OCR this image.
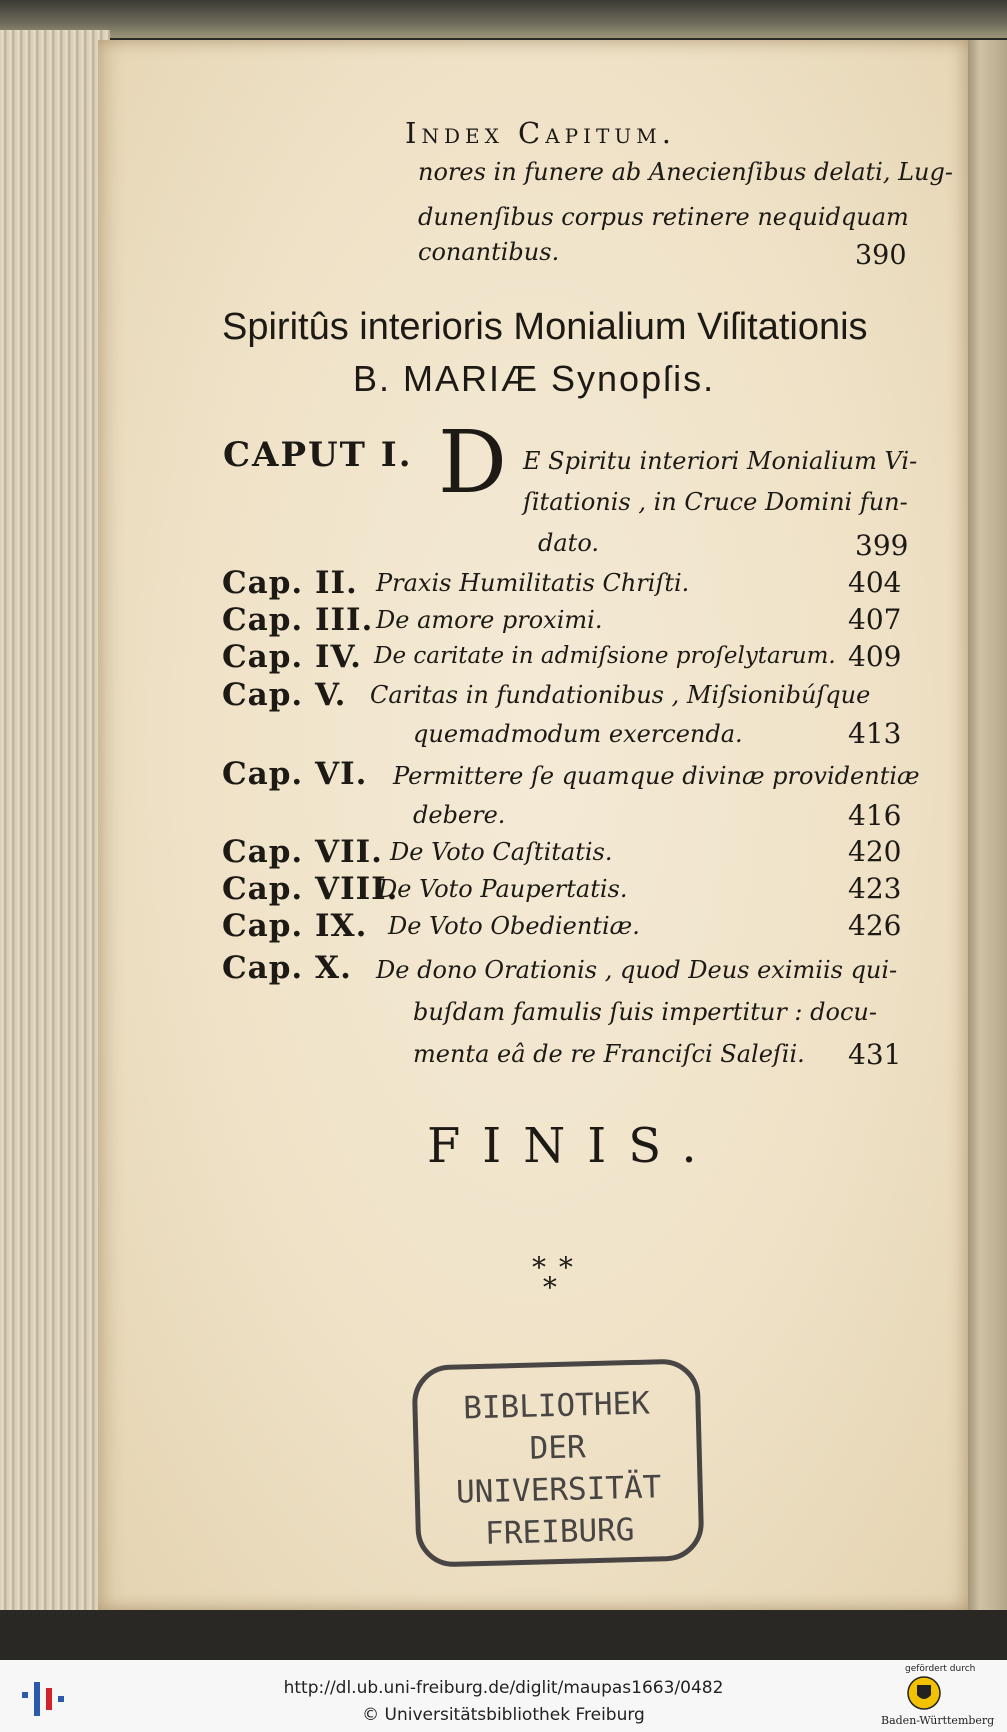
Index Capitum.
nores in funere ab Anecienſibus delati, Lug-
dunenſibus corpus retinere nequidquam
conantibus.	390
Spiritûs interioris Monialium Viſitationis
B. MARIÆ Synopſis.
CAPUT I. D E Spiritu interiori Monialium Vi-
ſitationis , in Cruce Domini fun-
dato.	399
Cap. II. Praxis Humilitatis Chriſti.	404
Cap. III. De amore proximi.	407
Cap. IV. De caritate in admiſsione proſelytarum. 409
Cap. V. Caritas in fundationibus , Miſsionibúſque
quemadmodum exercenda.	413
Cap. VI. Permittere ſe quamque divinæ providentiæ
debere.	416
Cap. VII. De Voto Caſtitatis.	420
Cap. VIII.
De Voto Paupertatis.	423
Cap. IX. De Voto Obedientiæ.	426
Cap. X. De dono Orationis , quod Deus eximiis qui-
buſdam famulis ſuis impertitur : docu-
menta eâ de re Franciſci Saleſii. 431
FINIS.
* *
*
BIBLIOTHEK
DER
UNIVERSITÄT
FREIBURG
http://dl.ub.uni-freiburg.de/diglit/maupas1663/0482
© Universitätsbibliothek Freiburg
gefördert durch
Baden-Württemberg
